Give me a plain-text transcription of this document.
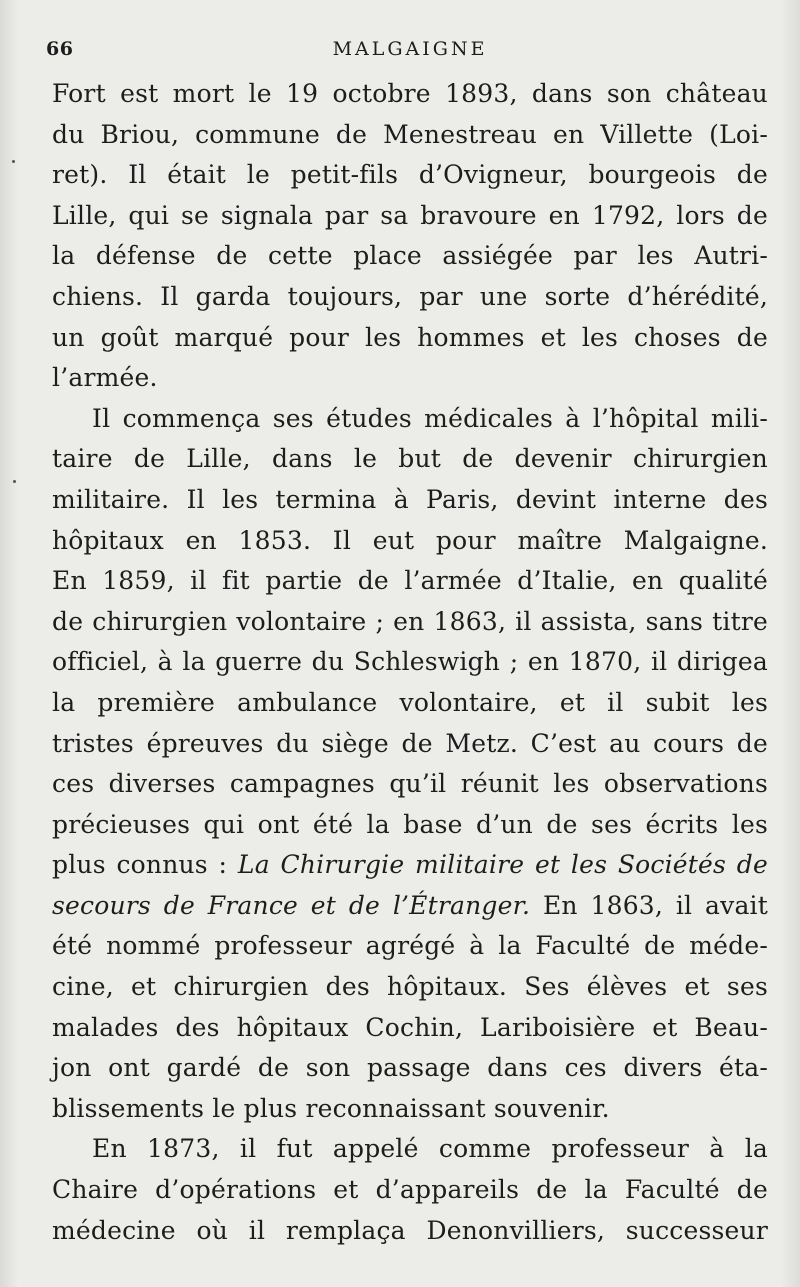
66	MALGAIGNE
Fort est mort le 19 octobre 1893, dans son château
du Briou, commune de Menestreau en Villette (Loi-
ret). Il était le petit-fils d’Ovigneur, bourgeois de
Lille, qui se signala par sa bravoure en 1792, lors de
la défense de cette place assiégée par les Autri-
chiens. Il garda toujours, par une sorte d’hérédité,
un goût marqué pour les hommes et les choses de
l’armée.
Il commença ses études médicales à l’hôpital mili-
taire de Lille, dans le but de devenir chirurgien
militaire. Il les termina à Paris, devint interne des
hôpitaux en 1853. Il eut pour maître Malgaigne.
En 1859, il fit partie de l’armée d’Italie, en qualité
de chirurgien volontaire ; en 1863, il assista, sans titre
officiel, à la guerre du Schleswigh ; en 1870, il dirigea
la première ambulance volontaire, et il subit les
tristes épreuves du siège de Metz. C’est au cours de
ces diverses campagnes qu’il réunit les observations
précieuses qui ont été la base d’un de ses écrits les
plus connus : La Chirurgie militaire et les Sociétés de
secours de France et de l’Étranger. En 1863, il avait
été nommé professeur agrégé à la Faculté de méde-
cine, et chirurgien des hôpitaux. Ses élèves et ses
malades des hôpitaux Cochin, Lariboisière et Beau-
jon ont gardé de son passage dans ces divers éta-
blissements le plus reconnaissant souvenir.
En 1873, il fut appelé comme professeur à la
Chaire d’opérations et d’appareils de la Faculté de
médecine où il remplaça Denonvilliers, successeur
